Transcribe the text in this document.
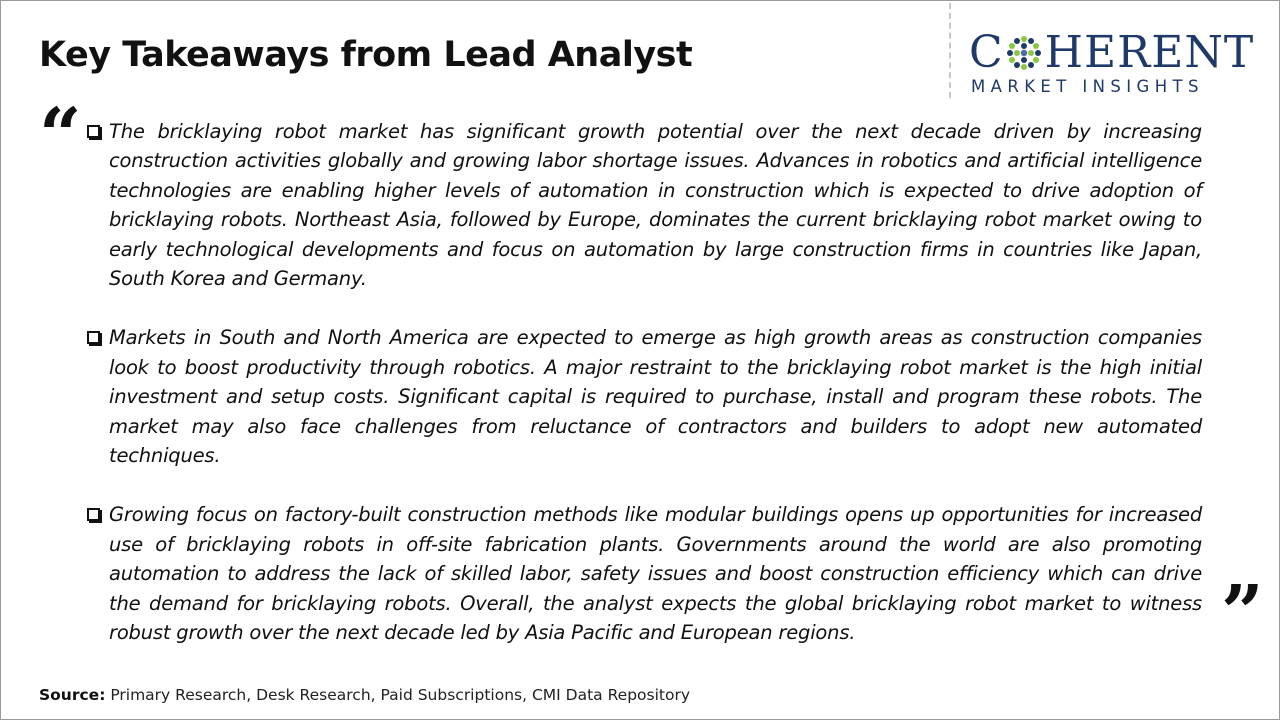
Key Takeaways from Lead Analyst	C HERENT
MARKET INSIGHTS
“ The bricklaying robot market has significant growth potential over the next decade driven by increasing construction activities globally and growing labor shortage issues. Advances in robotics and artificial intelligence technologies are enabling higher levels of automation in construction which is expected to drive adoption of bricklaying robots. Northeast Asia, followed by Europe, dominates the current bricklaying robot market owing to early technological developments and focus on automation by large construction firms in countries like Japan, South Korea and Germany.
Markets in South and North America are expected to emerge as high growth areas as construction companies look to boost productivity through robotics. A major restraint to the bricklaying robot market is the high initial investment and setup costs. Significant capital is required to purchase, install and program these robots. The market may also face challenges from reluctance of contractors and builders to adopt new automated techniques.
Growing focus on factory-built construction methods like modular buildings opens up opportunities for increased use of bricklaying robots in off-site fabrication plants. Governments around the world are also promoting automation to address the lack of skilled labor, safety issues and boost construction efficiency which can drive the demand for bricklaying robots. Overall, the analyst expects the global bricklaying robot market to witness robust growth over the next decade led by Asia Pacific and European regions.	”
Source: Primary Research, Desk Research, Paid Subscriptions, CMI Data Repository
